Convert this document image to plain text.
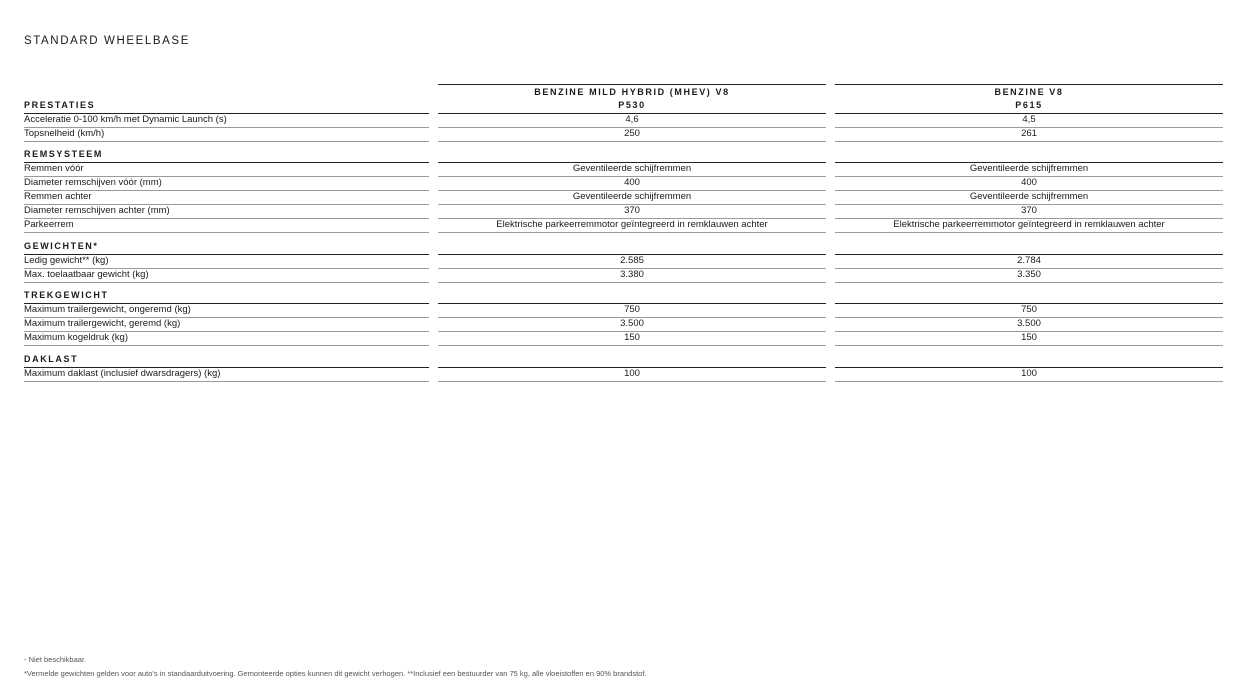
STANDARD WHEELBASE
BENZINE MILD HYBRID (MHEV) V8	BENZINE V8
P530	P615
PRESTATIES
Acceleratie 0-100 km/h met Dynamic Launch (s)	4,6	4,5
Topsnelheid (km/h)	250	261
REMSYSTEEM
Remmen vóór	Geventileerde schijfremmen	Geventileerde schijfremmen
Diameter remschijven vóór (mm)	400	400
Remmen achter	Geventileerde schijfremmen	Geventileerde schijfremmen
Diameter remschijven achter (mm)	370	370
Parkeerrem	Elektrische parkeerremmotor geïntegreerd in remklauwen achter	Elektrische parkeerremmotor geïntegreerd in remklauwen achter
GEWICHTEN*
Ledig gewicht** (kg)	2.585	2.784
Max. toelaatbaar gewicht (kg)	3.380	3.350
TREKGEWICHT
Maximum trailergewicht, ongeremd (kg)	750	750
Maximum trailergewicht, geremd (kg)	3.500	3.500
Maximum kogeldruk (kg)	150	150
DAKLAST
Maximum daklast (inclusief dwarsdragers) (kg)	100	100
- Niet beschikbaar.
*Vermelde gewichten gelden voor auto's in standaarduitvoering. Gemonteerde opties kunnen dit gewicht verhogen. **Inclusief een bestuurder van 75 kg, alle vloeistoffen en 90% brandstof.
